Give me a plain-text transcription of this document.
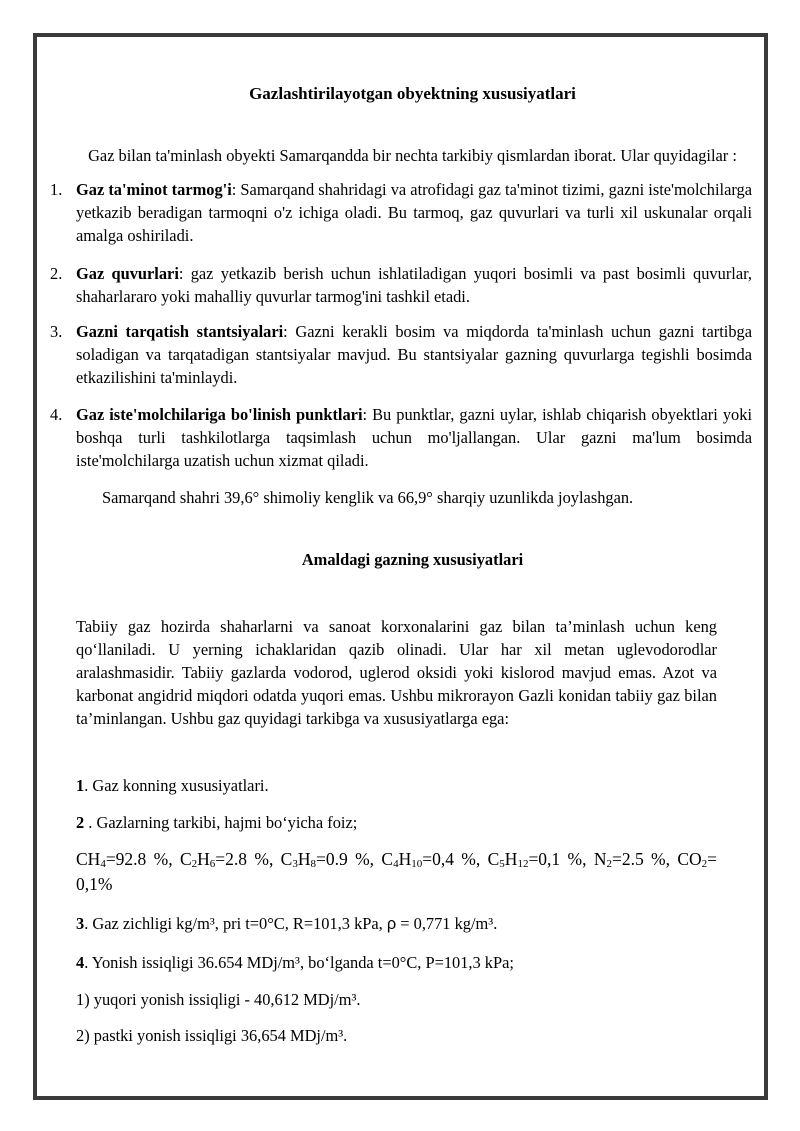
Gazlashtirilayotgan obyektning xususiyatlari
Gaz bilan ta'minlash obyekti Samarqandda bir nechta tarkibiy qismlardan iborat. Ular quyidagilar :
1. Gaz ta'minot tarmog'i: Samarqand shahridagi va atrofidagi gaz ta'minot tizimi, gazni iste'molchilarga yetkazib beradigan tarmoqni o'z ichiga oladi. Bu tarmoq, gaz quvurlari va turli xil uskunalar orqali amalga oshiriladi.
2. Gaz quvurlari: gaz yetkazib berish uchun ishlatiladigan yuqori bosimli va past bosimli quvurlar, shaharlararo yoki mahalliy quvurlar tarmog'ini tashkil etadi.
3. Gazni tarqatish stantsiyalari: Gazni kerakli bosim va miqdorda ta'minlash uchun gazni tartibga soladigan va tarqatadigan stantsiyalar mavjud. Bu stantsiyalar gazning quvurlarga tegishli bosimda etkazilishini ta'minlaydi.
4. Gaz iste'molchilariga bo'linish punktlari: Bu punktlar, gazni uylar, ishlab chiqarish obyektlari yoki boshqa turli tashkilotlarga taqsimlash uchun mo'ljallangan. Ular gazni ma'lum bosimda iste'molchilarga uzatish uchun xizmat qiladi.
Samarqand shahri 39,6° shimoliy kenglik va 66,9° sharqiy uzunlikda joylashgan.
Amaldagi gazning xususiyatlari
Tabiiy gaz hozirda shaharlarni va sanoat korxonalarini gaz bilan ta’minlash uchun keng qo‘llaniladi. U yerning ichaklaridan qazib olinadi. Ular har xil metan uglevodorodlar aralashmasidir. Tabiiy gazlarda vodorod, uglerod oksidi yoki kislorod mavjud emas. Azot va karbonat angidrid miqdori odatda yuqori emas. Ushbu mikrorayon Gazli konidan tabiiy gaz bilan ta’minlangan. Ushbu gaz quyidagi tarkibga va xususiyatlarga ega:
1. Gaz konning xususiyatlari.
2 . Gazlarning tarkibi, hajmi bo‘yicha foiz;
$CH_4=92.8$ %, $C_2H_6=2.8$ %, $C_3H_8=0.9$ %, $C_4H_{10}=0,4$ %, $C_5H_{12}=0,1$ %, $N_2=2.5$ %, $CO_2= 0,1\%$
3. Gaz zichligi kg/m³, pri t=0°C, R=101,3 kPa, ρ = 0,771 kg/m³.
4. Yonish issiqligi 36.654 MDj/m³, bo‘lganda t=0°C, P=101,3 kPa;
1) yuqori yonish issiqligi - 40,612 MDj/m³.
2) pastki yonish issiqligi 36,654 MDj/m³.
